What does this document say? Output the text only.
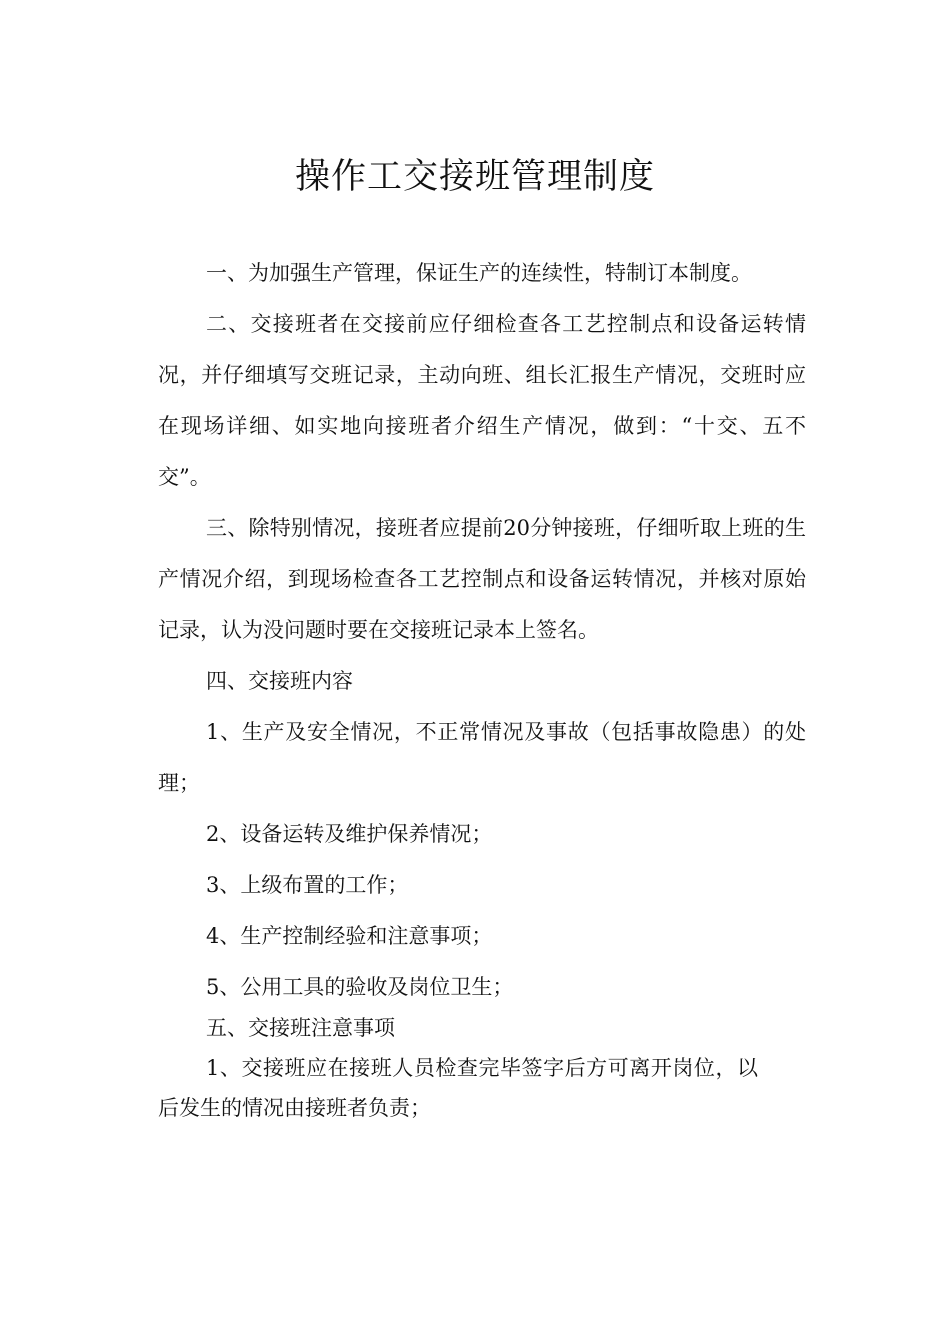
操作工交接班管理制度

一、为加强生产管理，保证生产的连续性，特制订本制度。

二、交接班者在交接前应仔细检查各工艺控制点和设备运转情况，并仔细填写交班记录，主动向班、组长汇报生产情况，交班时应在现场详细、如实地向接班者介绍生产情况，做到：“十交、五不交”。

三、除特别情况，接班者应提前20分钟接班，仔细听取上班的生产情况介绍，到现场检查各工艺控制点和设备运转情况，并核对原始记录，认为没问题时要在交接班记录本上签名。

四、交接班内容

1、生产及安全情况，不正常情况及事故（包括事故隐患）的处理；

2、设备运转及维护保养情况；

3、上级布置的工作；

4、生产控制经验和注意事项；

5、公用工具的验收及岗位卫生；

五、交接班注意事项

1、交接班应在接班人员检查完毕签字后方可离开岗位，以后发生的情况由接班者负责；
